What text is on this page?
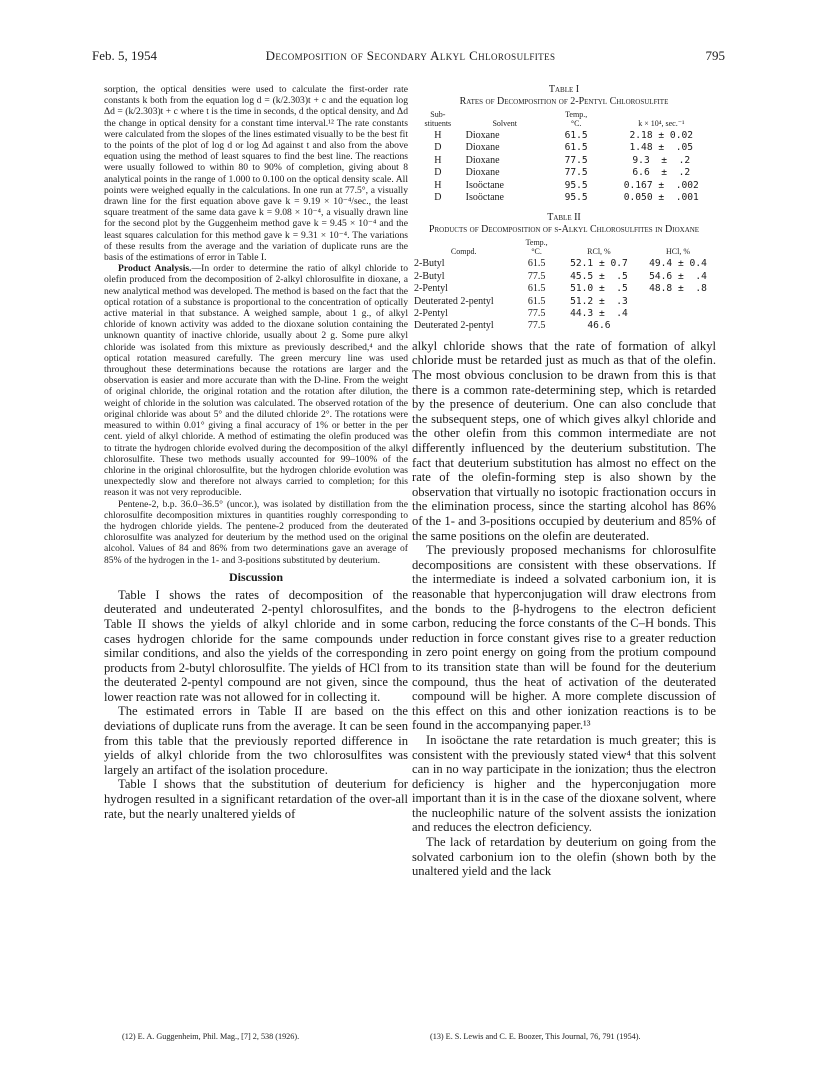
Feb. 5, 1954	Decomposition of Secondary Alkyl Chlorosulfites	795

sorption, the optical densities were used to calculate the first-order rate constants k both from the equation log d = (k/2.303)t + c and the equation log Δd = (k/2.303)t + c where t is the time in seconds, d the optical density, and Δd the change in optical density for a constant time interval.¹² The rate constants were calculated from the slopes of the lines estimated visually to be the best fit to the points of the plot of log d or log Δd against t and also from the above equation using the method of least squares to find the best line. The reactions were usually followed to within 80 to 90% of completion, giving about 8 analytical points in the range of 1.000 to 0.100 on the optical density scale. All points were weighed equally in the calculations. In one run at 77.5°, a visually drawn line for the first equation above gave k = 9.19 × 10⁻⁴/sec., the least square treatment of the same data gave k = 9.08 × 10⁻⁴, a visually drawn line for the second plot by the Guggenheim method gave k = 9.45 × 10⁻⁴ and the least squares calculation for this method gave k = 9.31 × 10⁻⁴. The variations of these results from the average and the variation of duplicate runs are the basis of the estimations of error in Table I.

Product Analysis.—In order to determine the ratio of alkyl chloride to olefin produced from the decomposition of 2-alkyl chlorosulfite in dioxane, a new analytical method was developed. The method is based on the fact that the optical rotation of a substance is proportional to the concentration of optically active material in that substance. A weighed sample, about 1 g., of alkyl chloride of known activity was added to the dioxane solution containing the unknown quantity of inactive chloride, usually about 2 g. Some pure alkyl chloride was isolated from this mixture as previously described,⁴ and the optical rotation measured carefully. The green mercury line was used throughout these determinations because the rotations are larger and the observation is easier and more accurate than with the D-line. From the weight of original chloride, the original rotation and the rotation after dilution, the weight of chloride in the solution was calculated. The observed rotation of the original chloride was about 5° and the diluted chloride 2°. The rotations were measured to within 0.01° giving a final accuracy of 1% or better in the per cent. yield of alkyl chloride. A method of estimating the olefin produced was to titrate the hydrogen chloride evolved during the decomposition of the alkyl chlorosulfite. These two methods usually accounted for 99–100% of the chlorine in the original chlorosulfite, but the hydrogen chloride evolution was unexpectedly slow and therefore not always carried to completion; for this reason it was not very reproducible.

Pentene-2, b.p. 36.0–36.5° (uncor.), was isolated by distillation from the chlorosulfite decomposition mixtures in quantities roughly corresponding to the hydrogen chloride yields. The pentene-2 produced from the deuterated chlorosulfite was analyzed for deuterium by the method used on the original alcohol. Values of 84 and 86% from two determinations gave an average of 85% of the hydrogen in the 1- and 3-positions substituted by deuterium.

Discussion

Table I shows the rates of decomposition of the deuterated and undeuterated 2-pentyl chlorosulfites, and Table II shows the yields of alkyl chloride and in some cases hydrogen chloride for the same compounds under similar conditions, and also the yields of the corresponding products from 2-butyl chlorosulfite. The yields of HCl from the deuterated 2-pentyl compound are not given, since the lower reaction rate was not allowed for in collecting it.

The estimated errors in Table II are based on the deviations of duplicate runs from the average. It can be seen from this table that the previously reported difference in yields of alkyl chloride from the two chlorosulfites was largely an artifact of the isolation procedure.

Table I shows that the substitution of deuterium for hydrogen resulted in a significant retardation of the over-all rate, but the nearly unaltered yields of

Table I
Rates of Decomposition of 2-Pentyl Chlorosulfite
Sub-
stituents	Solvent	Temp.,
°C.	k × 10⁴, sec.⁻¹
H	Dioxane	61.5	2.18 ± 0.02
D	Dioxane	61.5	1.48 ±  .05
H	Dioxane	77.5	9.3  ±  .2
D	Dioxane	77.5	6.6  ±  .2
H	Isoöctane	95.5	0.167 ±  .002
D	Isoöctane	95.5	0.050 ±  .001
Table II
Products of Decomposition of s-Alkyl Chlorosulfites in Dioxane
Compd.	Temp.,
°C.	RCl, %	HCl, %
2-Butyl	61.5	52.1 ± 0.7	49.4 ± 0.4
2-Butyl	77.5	45.5 ±  .5	54.6 ±  .4
2-Pentyl	61.5	51.0 ±  .5	48.8 ±  .8
Deuterated 2-pentyl	61.5	51.2 ±  .3	
2-Pentyl	77.5	44.3 ±  .4	
Deuterated 2-pentyl	77.5	46.6	

alkyl chloride shows that the rate of formation of alkyl chloride must be retarded just as much as that of the olefin. The most obvious conclusion to be drawn from this is that there is a common rate-determining step, which is retarded by the presence of deuterium. One can also conclude that the subsequent steps, one of which gives alkyl chloride and the other olefin from this common intermediate are not differently influenced by the deuterium substitution. The fact that deuterium substitution has almost no effect on the rate of the olefin-forming step is also shown by the observation that virtually no isotopic fractionation occurs in the elimination process, since the starting alcohol has 86% of the 1- and 3-positions occupied by deuterium and 85% of the same positions on the olefin are deuterated.

The previously proposed mechanisms for chlorosulfite decompositions are consistent with these observations. If the intermediate is indeed a solvated carbonium ion, it is reasonable that hyperconjugation will draw electrons from the bonds to the β-hydrogens to the electron deficient carbon, reducing the force constants of the C–H bonds. This reduction in force constant gives rise to a greater reduction in zero point energy on going from the protium compound to its transition state than will be found for the deuterium compound, thus the heat of activation of the deuterated compound will be higher. A more complete discussion of this effect on this and other ionization reactions is to be found in the accompanying paper.¹³

In isoöctane the rate retardation is much greater; this is consistent with the previously stated view⁴ that this solvent can in no way participate in the ionization; thus the electron deficiency is higher and the hyperconjugation more important than it is in the case of the dioxane solvent, where the nucleophilic nature of the solvent assists the ionization and reduces the electron deficiency.

The lack of retardation by deuterium on going from the solvated carbonium ion to the olefin (shown both by the unaltered yield and the lack

(12) E. A. Guggenheim, Phil. Mag., [7] 2, 538 (1926).	(13) E. S. Lewis and C. E. Boozer, This Journal, 76, 791 (1954).
